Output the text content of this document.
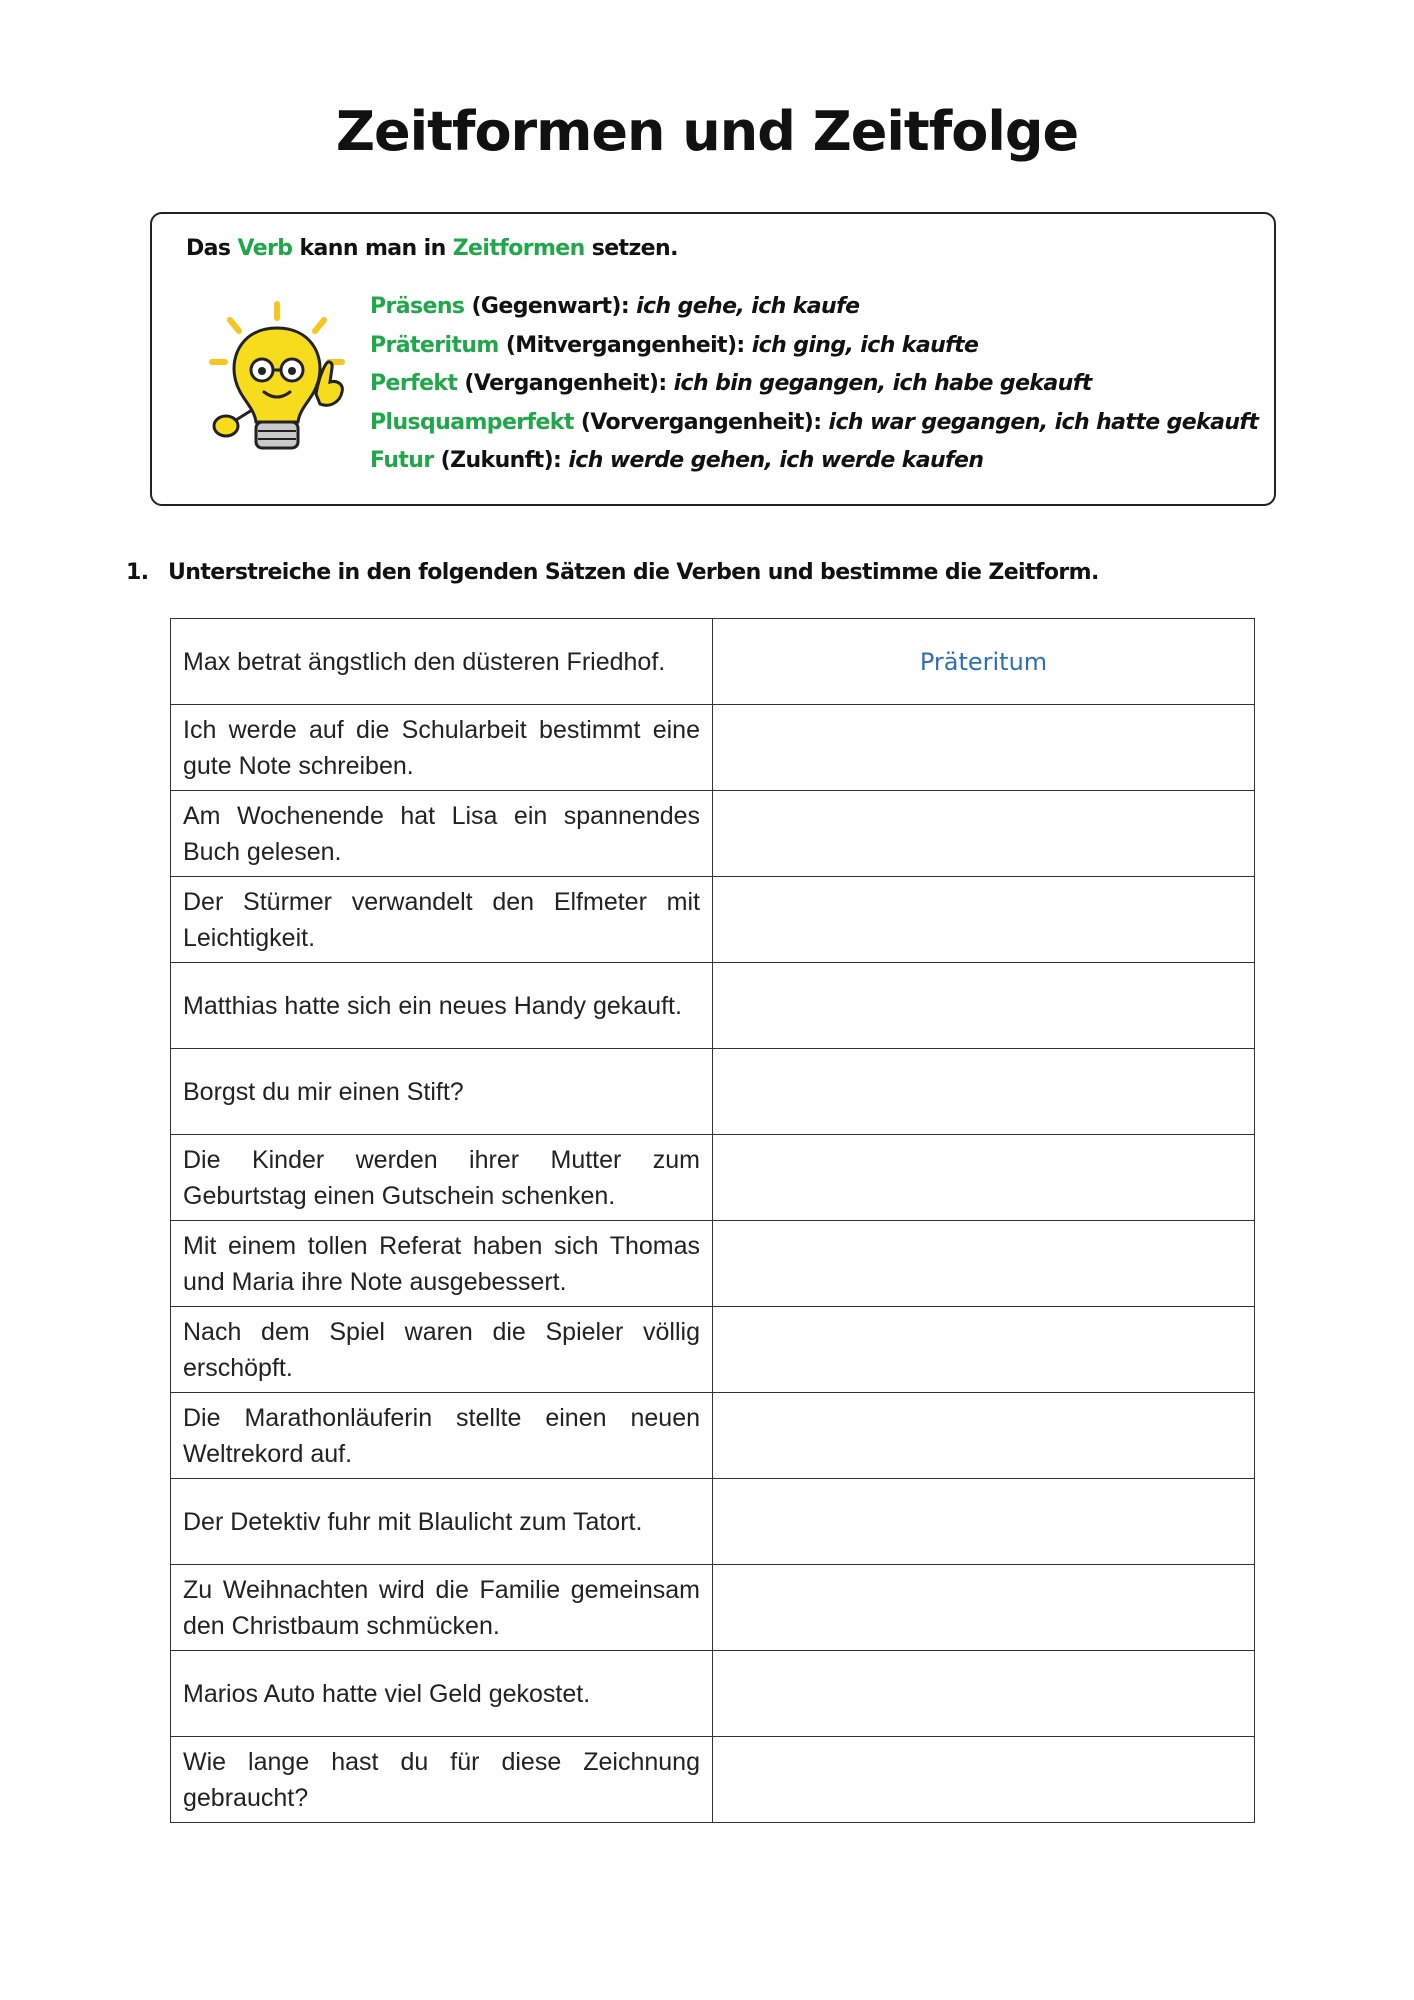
Zeitformen und Zeitfolge
Das Verb kann man in Zeitformen setzen.
Präsens (Gegenwart): ich gehe, ich kaufe
Präteritum (Mitvergangenheit): ich ging, ich kaufte
Perfekt (Vergangenheit): ich bin gegangen, ich habe gekauft
Plusquamperfekt (Vorvergangenheit): ich war gegangen, ich hatte gekauft
Futur (Zukunft): ich werde gehen, ich werde kaufen
1. Unterstreiche in den folgenden Sätzen die Verben und bestimme die Zeitform.
Max betrat ängstlich den düsteren Friedhof.	Präteritum
Ich werde auf die Schularbeit bestimmt eine gute Note schreiben.	
Am Wochenende hat Lisa ein spannendes Buch gelesen.	
Der Stürmer verwandelt den Elfmeter mit Leichtigkeit.	
Matthias hatte sich ein neues Handy gekauft.	
Borgst du mir einen Stift?	
Die Kinder werden ihrer Mutter zum Geburtstag einen Gutschein schenken.	
Mit einem tollen Referat haben sich Thomas und Maria ihre Note ausgebessert.	
Nach dem Spiel waren die Spieler völlig erschöpft.	
Die Marathonläuferin stellte einen neuen Weltrekord auf.	
Der Detektiv fuhr mit Blaulicht zum Tatort.	
Zu Weihnachten wird die Familie gemeinsam den Christbaum schmücken.	
Marios Auto hatte viel Geld gekostet.	
Wie lange hast du für diese Zeichnung gebraucht?	
